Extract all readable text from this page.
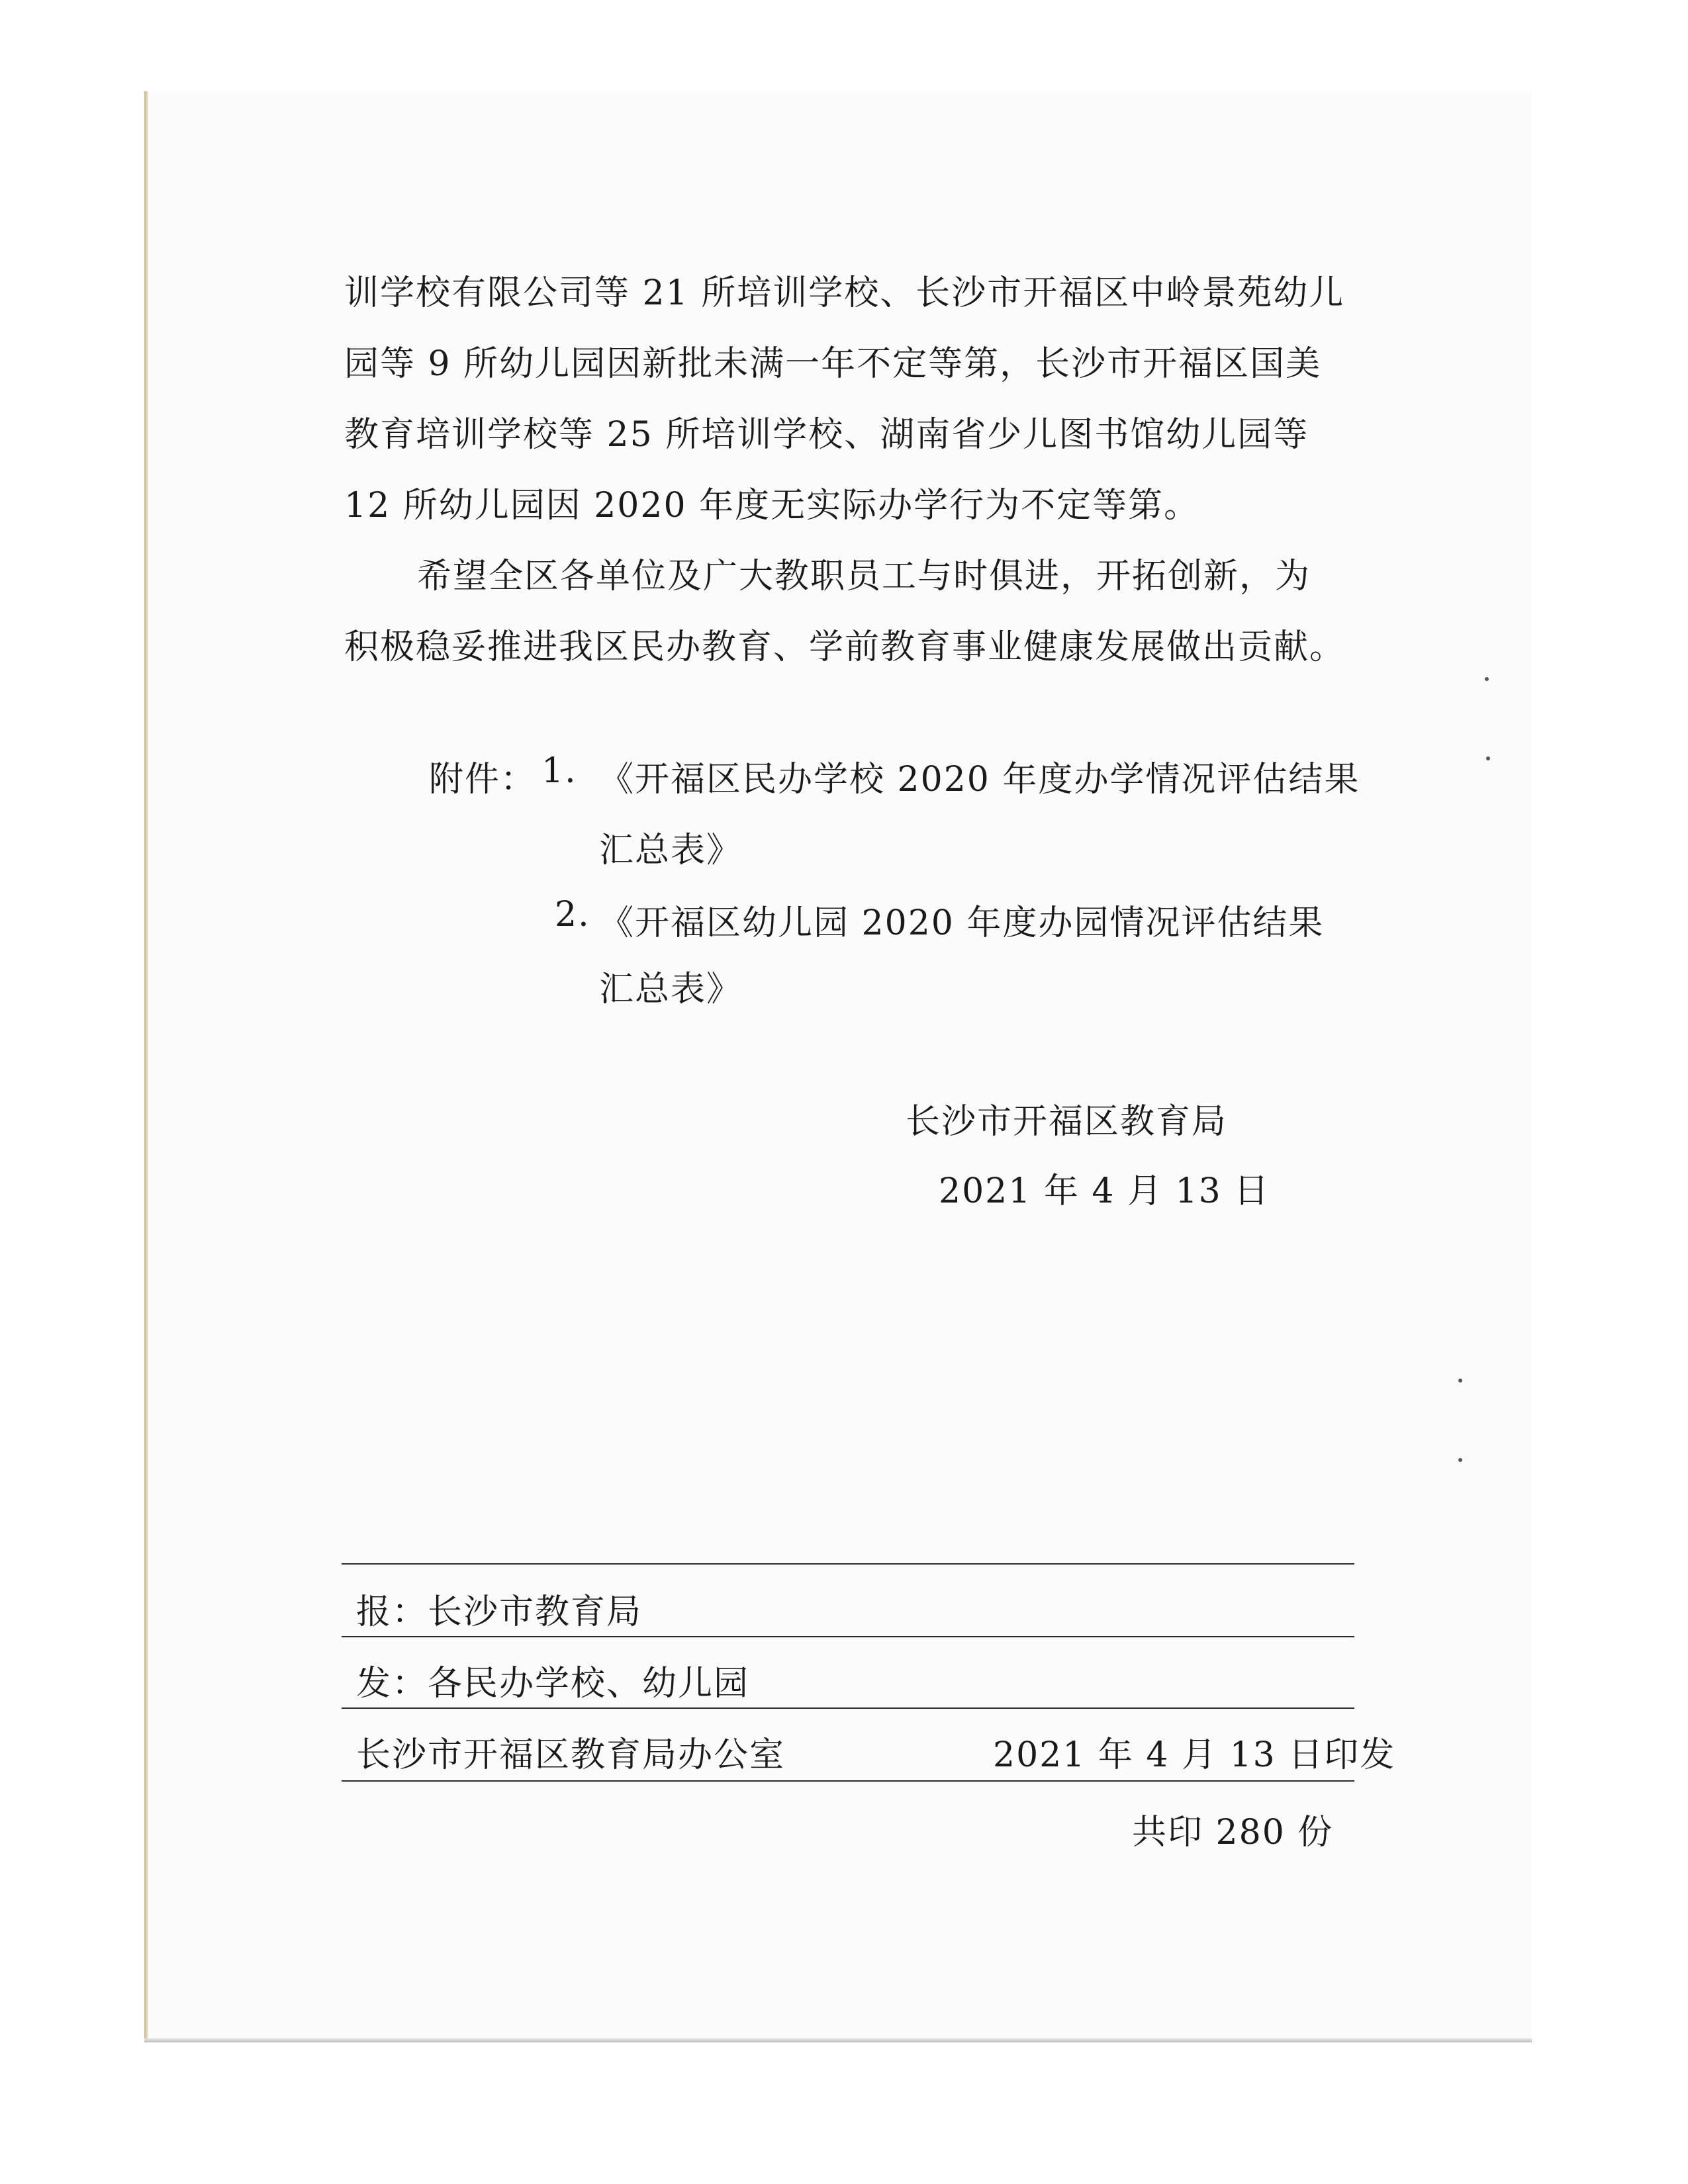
训学校有限公司等 21 所培训学校、长沙市开福区中岭景苑幼儿

园等 9 所幼儿园因新批未满一年不定等第，长沙市开福区国美

教育培训学校等 25 所培训学校、湖南省少儿图书馆幼儿园等

12 所幼儿园因 2020 年度无实际办学行为不定等第。

希望全区各单位及广大教职员工与时俱进，开拓创新，为

积极稳妥推进我区民办教育、学前教育事业健康发展做出贡献。

附件： 1. 《开福区民办学校 2020 年度办学情况评估结果

汇总表》

2. 《开福区幼儿园 2020 年度办园情况评估结果

汇总表》

长沙市开福区教育局

2021 年 4 月 13 日

报：长沙市教育局

发：各民办学校、幼儿园

长沙市开福区教育局办公室	2021 年 4 月 13 日印发

共印 280 份
